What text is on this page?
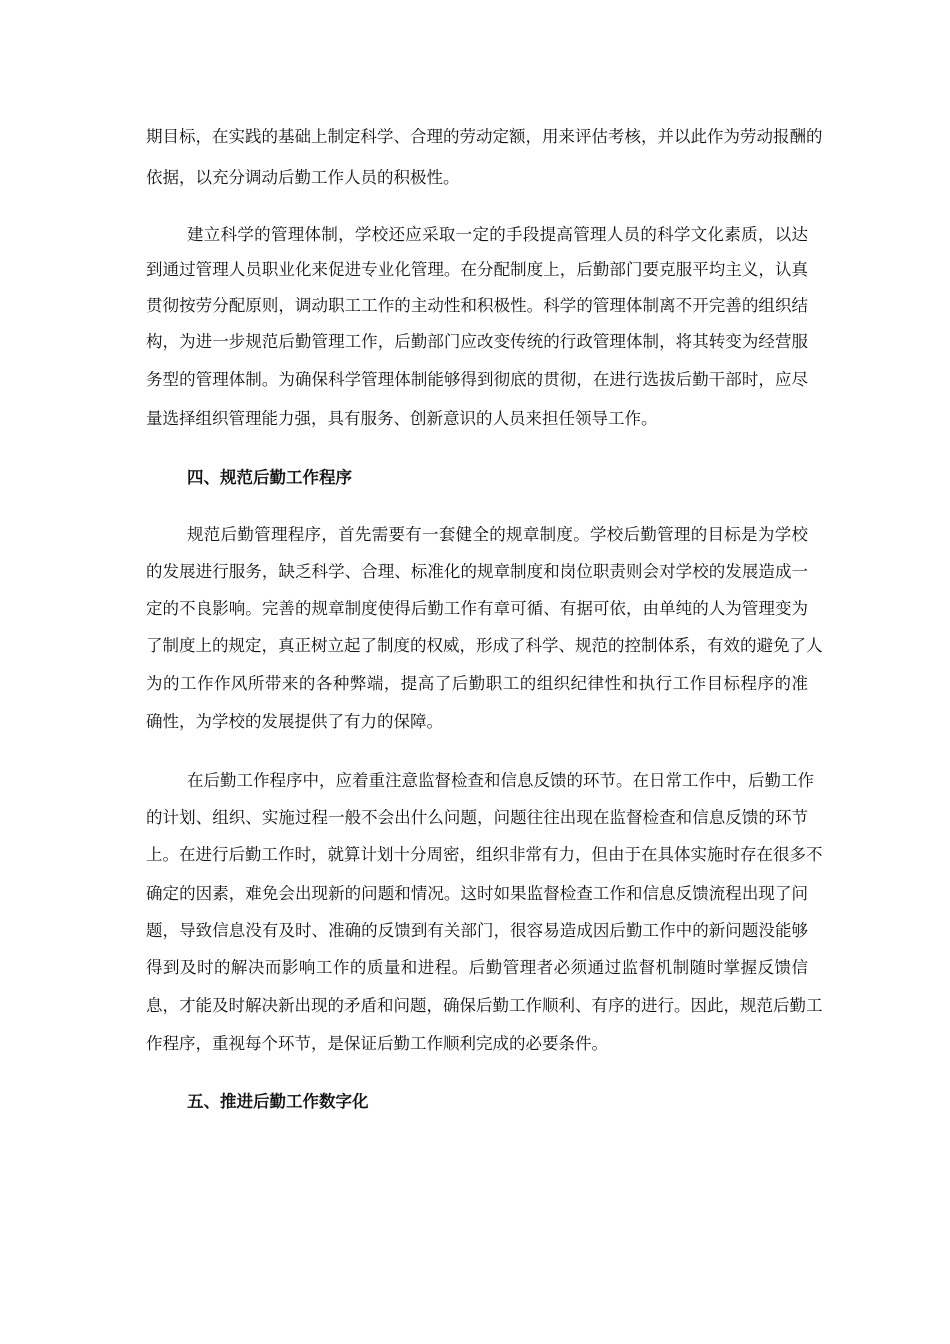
期目标，在实践的基础上制定科学、合理的劳动定额，用来评估考核，并以此作为劳动报酬的
依据，以充分调动后勤工作人员的积极性。
建立科学的管理体制，学校还应采取一定的手段提高管理人员的科学文化素质，以达
到通过管理人员职业化来促进专业化管理。在分配制度上，后勤部门要克服平均主义，认真
贯彻按劳分配原则，调动职工工作的主动性和积极性。科学的管理体制离不开完善的组织结
构，为进一步规范后勤管理工作，后勤部门应改变传统的行政管理体制，将其转变为经营服
务型的管理体制。为确保科学管理体制能够得到彻底的贯彻，在进行选拔后勤干部时，应尽
量选择组织管理能力强，具有服务、创新意识的人员来担任领导工作。
四、规范后勤工作程序
规范后勤管理程序，首先需要有一套健全的规章制度。学校后勤管理的目标是为学校
的发展进行服务，缺乏科学、合理、标准化的规章制度和岗位职责则会对学校的发展造成一
定的不良影响。完善的规章制度使得后勤工作有章可循、有据可依，由单纯的人为管理变为
了制度上的规定，真正树立起了制度的权威，形成了科学、规范的控制体系，有效的避免了人
为的工作作风所带来的各种弊端，提高了后勤职工的组织纪律性和执行工作目标程序的准
确性，为学校的发展提供了有力的保障。
在后勤工作程序中，应着重注意监督检查和信息反馈的环节。在日常工作中，后勤工作
的计划、组织、实施过程一般不会出什么问题，问题往往出现在监督检查和信息反馈的环节
上。在进行后勤工作时，就算计划十分周密，组织非常有力，但由于在具体实施时存在很多不
确定的因素，难免会出现新的问题和情况。这时如果监督检查工作和信息反馈流程出现了问
题，导致信息没有及时、准确的反馈到有关部门，很容易造成因后勤工作中的新问题没能够
得到及时的解决而影响工作的质量和进程。后勤管理者必须通过监督机制随时掌握反馈信
息，才能及时解决新出现的矛盾和问题，确保后勤工作顺利、有序的进行。因此，规范后勤工
作程序，重视每个环节，是保证后勤工作顺利完成的必要条件。
五、推进后勤工作数字化
